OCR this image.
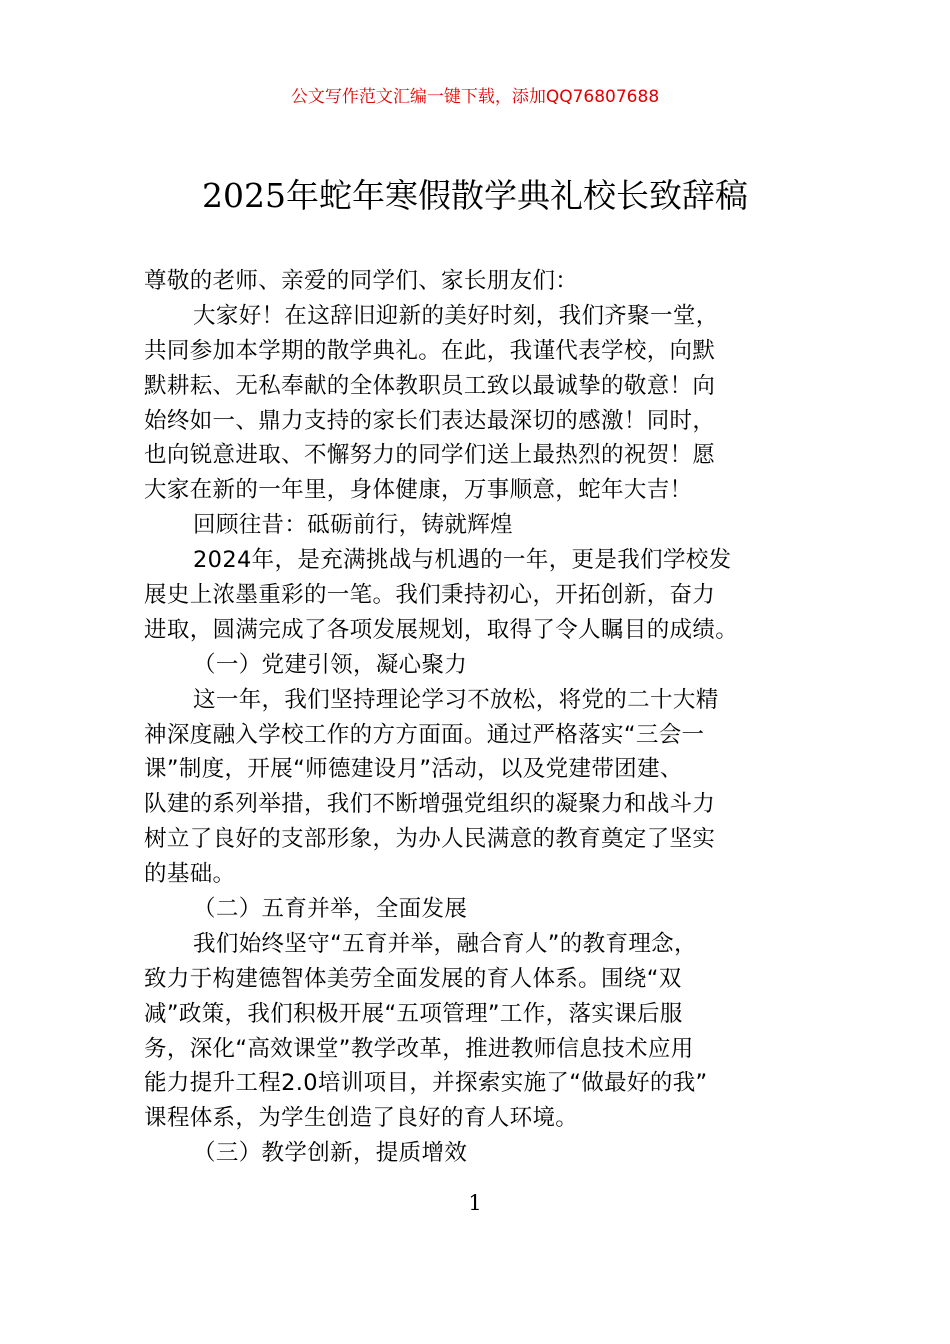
公文写作范文汇编一键下载，添加QQ76807688
2025年蛇年寒假散学典礼校长致辞稿
尊敬的老师、亲爱的同学们、家长朋友们：
大家好！在这辞旧迎新的美好时刻，我们齐聚一堂，
共同参加本学期的散学典礼。在此，我谨代表学校，向默
默耕耘、无私奉献的全体教职员工致以最诚挚的敬意！向
始终如一、鼎力支持的家长们表达最深切的感激！同时，
也向锐意进取、不懈努力的同学们送上最热烈的祝贺！愿
大家在新的一年里，身体健康，万事顺意，蛇年大吉！
回顾往昔：砥砺前行，铸就辉煌
2024年，是充满挑战与机遇的一年，更是我们学校发
展史上浓墨重彩的一笔。我们秉持初心，开拓创新，奋力
进取，圆满完成了各项发展规划，取得了令人瞩目的成绩。
（一）党建引领，凝心聚力
这一年，我们坚持理论学习不放松，将党的二十大精
神深度融入学校工作的方方面面。通过严格落实“三会一
课”制度，开展“师德建设月”活动，以及党建带团建、
队建的系列举措，我们不断增强党组织的凝聚力和战斗力
树立了良好的支部形象，为办人民满意的教育奠定了坚实
的基础。
（二）五育并举，全面发展
我们始终坚守“五育并举，融合育人”的教育理念，
致力于构建德智体美劳全面发展的育人体系。围绕“双
减”政策，我们积极开展“五项管理”工作，落实课后服
务，深化“高效课堂”教学改革，推进教师信息技术应用
能力提升工程2.0培训项目，并探索实施了“做最好的我”
课程体系，为学生创造了良好的育人环境。
（三）教学创新，提质增效
1
